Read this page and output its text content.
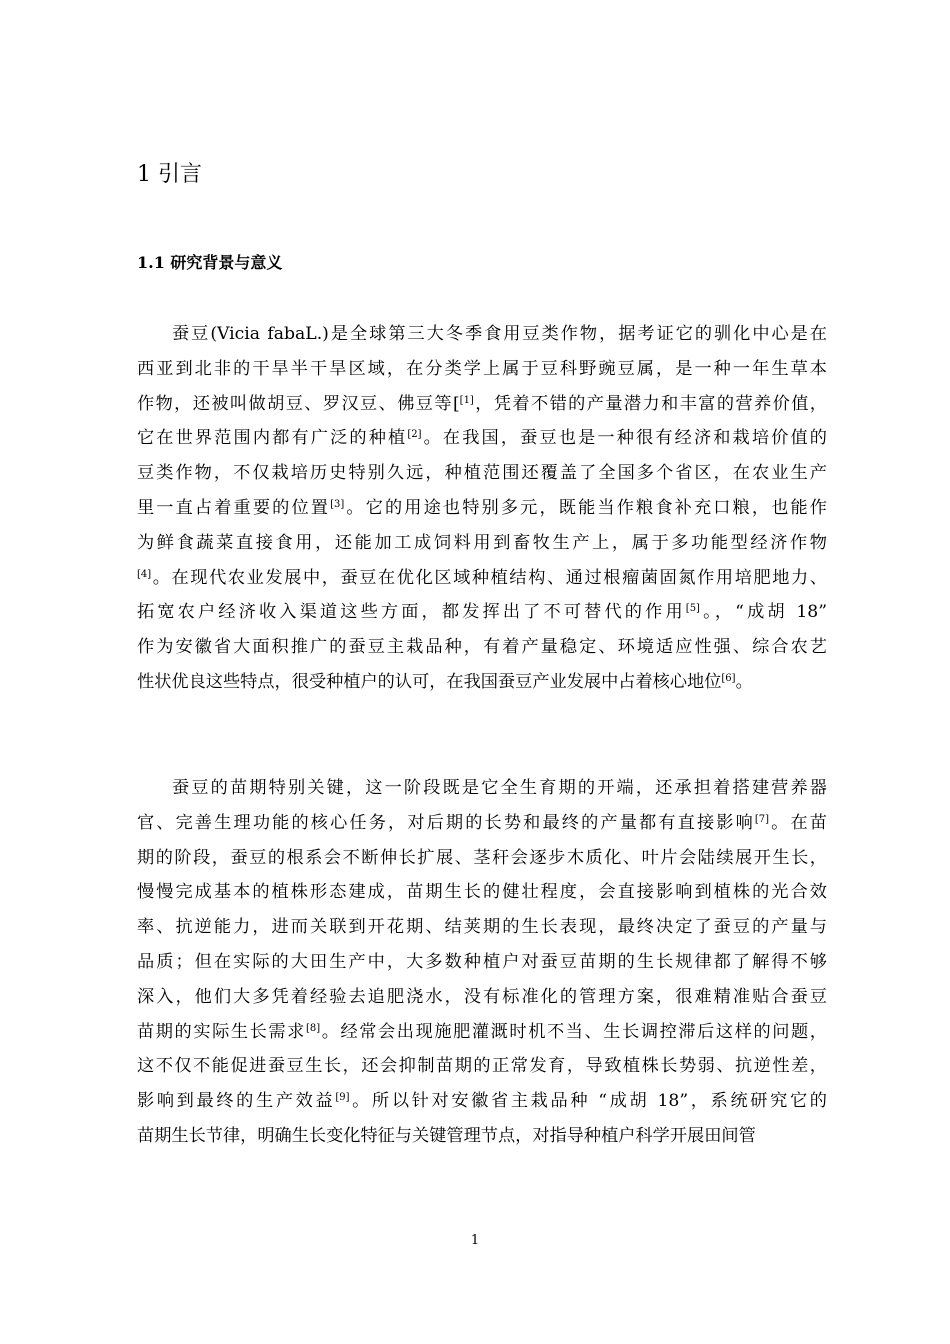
1 引言
1.1 研究背景与意义
蚕豆(Vicia fabaL.)是全球第三大冬季食用豆类作物，据考证它的驯化中心是在
西亚到北非的干旱半干旱区域，在分类学上属于豆科野豌豆属，是一种一年生草本
作物，还被叫做胡豆、罗汉豆、佛豆等[[1]，凭着不错的产量潜力和丰富的营养价值，
它在世界范围内都有广泛的种植[2]。在我国，蚕豆也是一种很有经济和栽培价值的
豆类作物，不仅栽培历史特别久远，种植范围还覆盖了全国多个省区，在农业生产
里一直占着重要的位置[3]。它的用途也特别多元，既能当作粮食补充口粮，也能作
为鲜食蔬菜直接食用，还能加工成饲料用到畜牧生产上，属于多功能型经济作物
[4]。在现代农业发展中，蚕豆在优化区域种植结构、通过根瘤菌固氮作用培肥地力、
拓宽农户经济收入渠道这些方面，都发挥出了不可替代的作用[5]。，“成胡 18”
作为安徽省大面积推广的蚕豆主栽品种，有着产量稳定、环境适应性强、综合农艺
性状优良这些特点，很受种植户的认可，在我国蚕豆产业发展中占着核心地位[6]。
蚕豆的苗期特别关键，这一阶段既是它全生育期的开端，还承担着搭建营养器
官、完善生理功能的核心任务，对后期的长势和最终的产量都有直接影响[7]。在苗
期的阶段，蚕豆的根系会不断伸长扩展、茎秆会逐步木质化、叶片会陆续展开生长，
慢慢完成基本的植株形态建成，苗期生长的健壮程度，会直接影响到植株的光合效
率、抗逆能力，进而关联到开花期、结荚期的生长表现，最终决定了蚕豆的产量与
品质；但在实际的大田生产中，大多数种植户对蚕豆苗期的生长规律都了解得不够
深入，他们大多凭着经验去追肥浇水，没有标准化的管理方案，很难精准贴合蚕豆
苗期的实际生长需求[8]。经常会出现施肥灌溉时机不当、生长调控滞后这样的问题，
这不仅不能促进蚕豆生长，还会抑制苗期的正常发育，导致植株长势弱、抗逆性差，
影响到最终的生产效益[9]。所以针对安徽省主栽品种 “成胡 18”，系统研究它的
苗期生长节律，明确生长变化特征与关键管理节点，对指导种植户科学开展田间管
1
